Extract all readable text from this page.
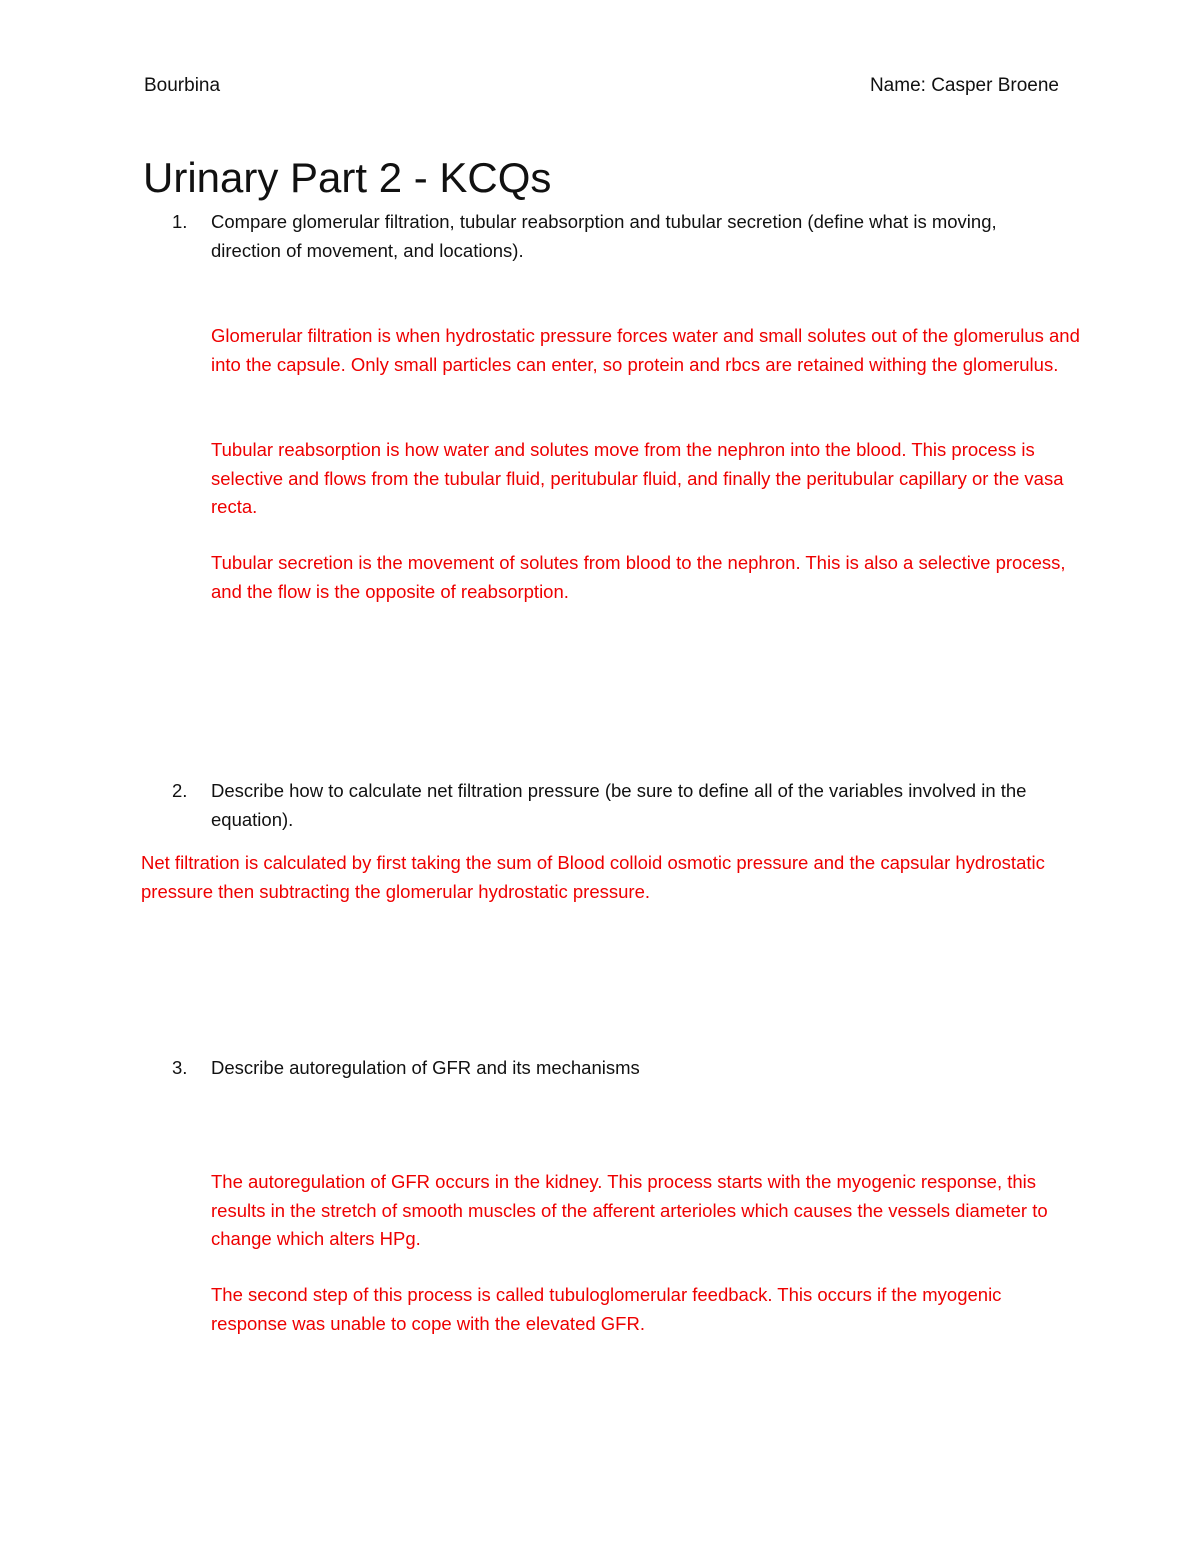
Bourbina	Name: Casper Broene
Urinary Part 2 - KCQs
1. Compare glomerular filtration, tubular reabsorption and tubular secretion (define what is moving, direction of movement, and locations).
Glomerular filtration is when hydrostatic pressure forces water and small solutes out of the glomerulus and into the capsule. Only small particles can enter, so protein and rbcs are retained withing the glomerulus.
Tubular reabsorption is how water and solutes move from the nephron into the blood. This process is selective and flows from the tubular fluid, peritubular fluid, and finally the peritubular capillary or the vasa recta.
Tubular secretion is the movement of solutes from blood to the nephron. This is also a selective process, and the flow is the opposite of reabsorption.
2. Describe how to calculate net filtration pressure (be sure to define all of the variables involved in the equation).
Net filtration is calculated by first taking the sum of Blood colloid osmotic pressure and the capsular hydrostatic pressure then subtracting the glomerular hydrostatic pressure.
3. Describe autoregulation of GFR and its mechanisms
The autoregulation of GFR occurs in the kidney. This process starts with the myogenic response, this results in the stretch of smooth muscles of the afferent arterioles which causes the vessels diameter to change which alters HPg.
The second step of this process is called tubuloglomerular feedback. This occurs if the myogenic response was unable to cope with the elevated GFR.
